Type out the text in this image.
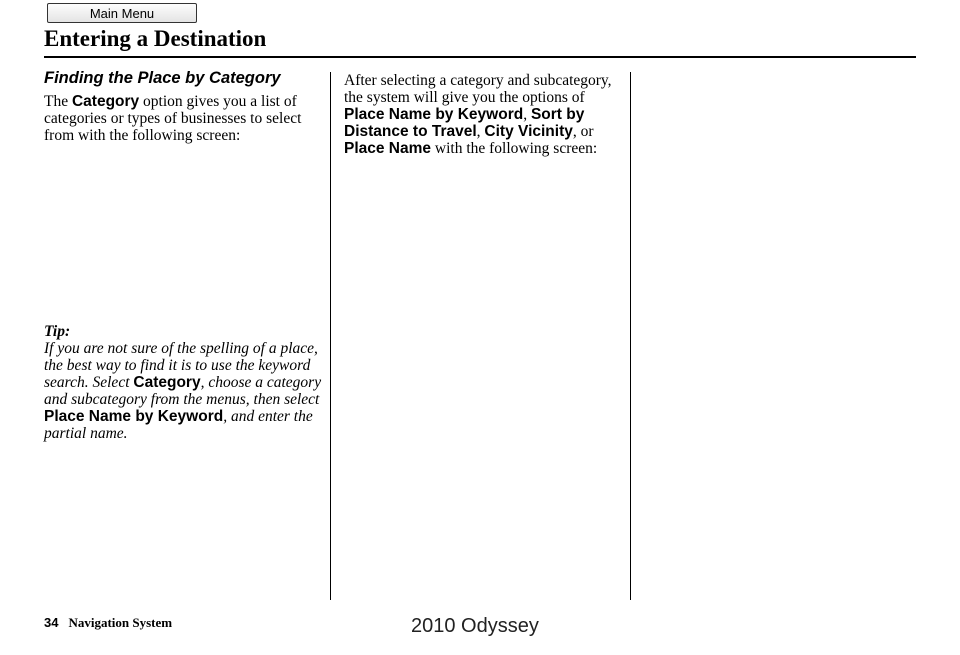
Main Menu
Entering a Destination
Finding the Place by Category

The Category option gives you a list of categories or types of businesses to select from with the following screen:

Tip:
If you are not sure of the spelling of a place, the best way to find it is to use the keyword search. Select Category, choose a category and subcategory from the menus, then select Place Name by Keyword, and enter the partial name.

After selecting a category and subcategory, the system will give you the options of Place Name by Keyword, Sort by Distance to Travel, City Vicinity, or Place Name with the following screen:

34 Navigation System	2010 Odyssey
